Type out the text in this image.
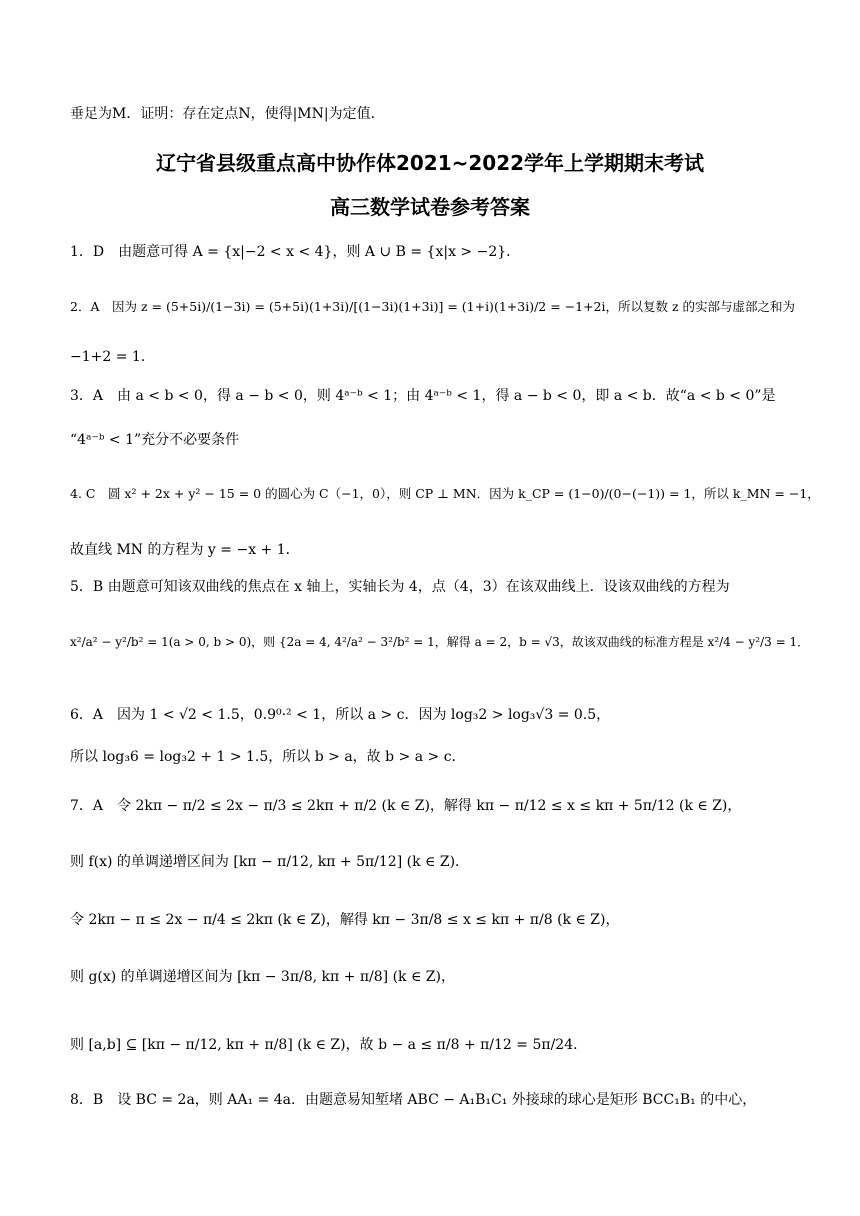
垂足为M．证明：存在定点N，使得|MN|为定值．
辽宁省县级重点高中协作体2021~2022学年上学期期末考试
高三数学试卷参考答案
1．D　由题意可得 A = {x|−2 < x < 4}，则 A ∪ B = {x|x > −2}．
2．A　因为 z = (5+5i)/(1−3i) = (5+5i)(1+3i)/[(1−3i)(1+3i)] = (1+i)(1+3i)/2 = −1+2i，所以复数 z 的实部与虚部之和为
−1+2 = 1．
3．A　由 a < b < 0，得 a − b < 0，则 4ᵃ⁻ᵇ < 1；由 4ᵃ⁻ᵇ < 1，得 a − b < 0，即 a < b．故“a < b < 0”是
“4ᵃ⁻ᵇ < 1”充分不必要条件
4. C　圆 x² + 2x + y² − 15 = 0 的圆心为 C（−1，0），则 CP ⊥ MN．因为 k_CP = (1−0)/(0−(−1)) = 1，所以 k_MN = −1，
故直线 MN 的方程为 y = −x + 1．
5．B 由题意可知该双曲线的焦点在 x 轴上，实轴长为 4，点（4，3）在该双曲线上．设该双曲线的方程为
x²/a² − y²/b² = 1(a > 0, b > 0)，则 {2a = 4, 4²/a² − 3²/b² = 1，解得 a = 2，b = √3，故该双曲线的标准方程是 x²/4 − y²/3 = 1．
6．A　因为 1 < √2 < 1.5，0.9⁰·² < 1，所以 a > c．因为 log₃2 > log₃√3 = 0.5，
所以 log₃6 = log₃2 + 1 > 1.5，所以 b > a，故 b > a > c．
7．A　令 2kπ − π/2 ≤ 2x − π/3 ≤ 2kπ + π/2 (k ∈ Z)，解得 kπ − π/12 ≤ x ≤ kπ + 5π/12 (k ∈ Z)，
则 f(x) 的单调递增区间为 [kπ − π/12, kπ + 5π/12] (k ∈ Z)．
令 2kπ − π ≤ 2x − π/4 ≤ 2kπ (k ∈ Z)，解得 kπ − 3π/8 ≤ x ≤ kπ + π/8 (k ∈ Z)，
则 g(x) 的单调递增区间为 [kπ − 3π/8, kπ + π/8] (k ∈ Z)，
则 [a,b] ⊆ [kπ − π/12, kπ + π/8] (k ∈ Z)，故 b − a ≤ π/8 + π/12 = 5π/24．
8．B　设 BC = 2a，则 AA₁ = 4a．由题意易知堑堵 ABC − A₁B₁C₁ 外接球的球心是矩形 BCC₁B₁ 的中心，
